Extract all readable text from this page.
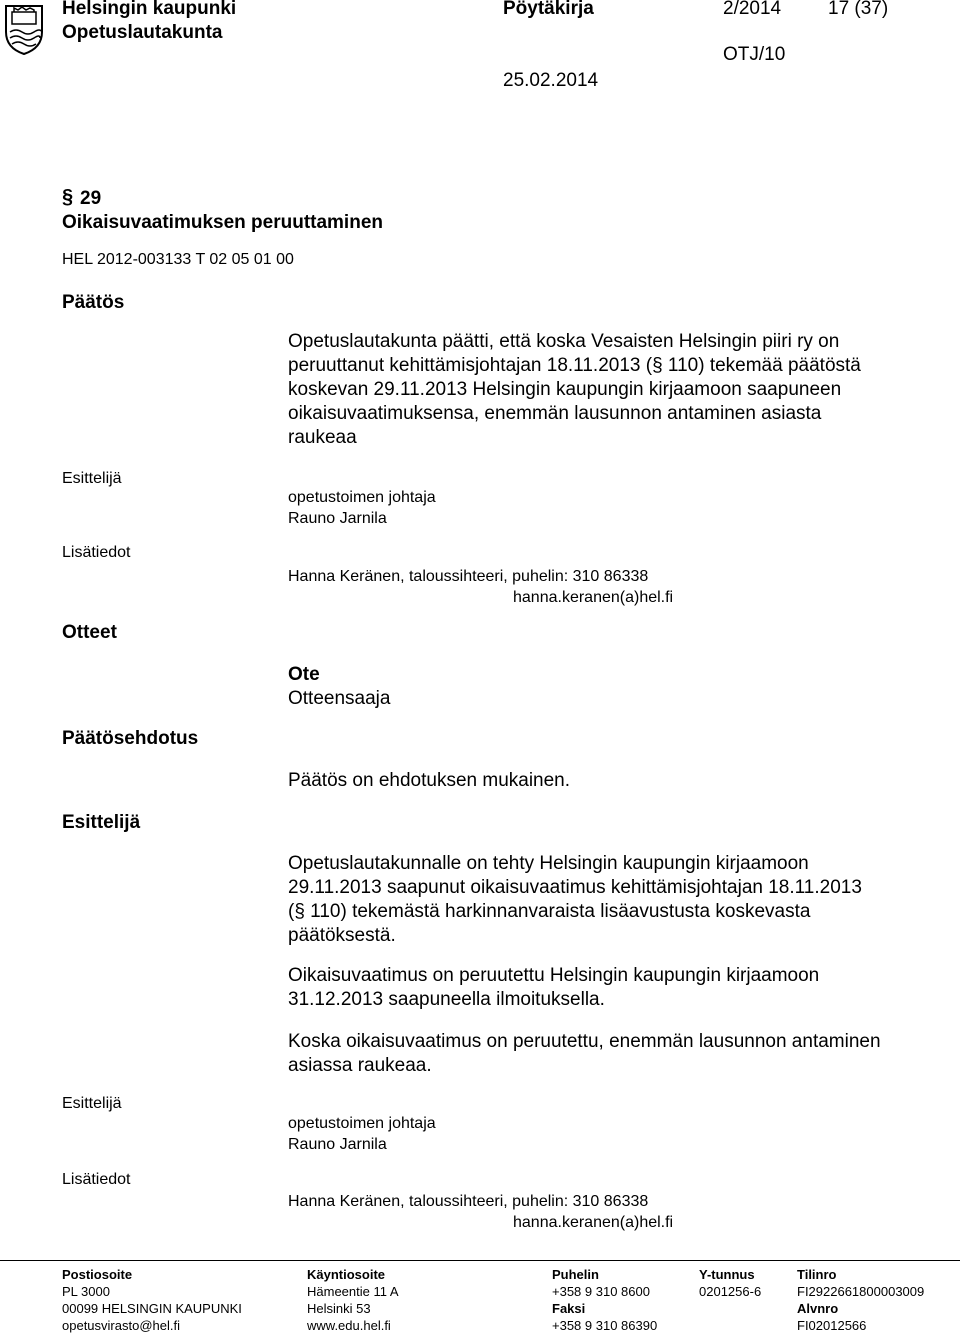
Helsingin kaupunki
Opetuslautakunta
Pöytäkirja	2/2014 17 (37)
OTJ/10
25.02.2014
§ 29
Oikaisuvaatimuksen peruuttaminen
HEL 2012-003133 T 02 05 01 00
Päätös
Opetuslautakunta päätti, että koska Vesaisten Helsingin piiri ry on
peruuttanut kehittämisjohtajan 18.11.2013 (§ 110) tekemää päätöstä
koskevan 29.11.2013 Helsingin kaupungin kirjaamoon saapuneen
oikaisuvaatimuksensa, enemmän lausunnon antaminen asiasta
raukeaa
Esittelijä
opetustoimen johtaja
Rauno Jarnila
Lisätiedot
Hanna Keränen, taloussihteeri, puhelin: 310 86338
hanna.keranen(a)hel.fi
Otteet
Ote
Otteensaaja
Päätösehdotus
Päätös on ehdotuksen mukainen.
Esittelijä
Opetuslautakunnalle on tehty Helsingin kaupungin kirjaamoon
29.11.2013 saapunut oikaisuvaatimus kehittämisjohtajan 18.11.2013
(§ 110) tekemästä harkinnanvaraista lisäavustusta koskevasta
päätöksestä.
Oikaisuvaatimus on peruutettu Helsingin kaupungin kirjaamoon
31.12.2013 saapuneella ilmoituksella.
Koska oikaisuvaatimus on peruutettu, enemmän lausunnon antaminen
asiassa raukeaa.
Esittelijä
opetustoimen johtaja
Rauno Jarnila
Lisätiedot
Hanna Keränen, taloussihteeri, puhelin: 310 86338
hanna.keranen(a)hel.fi
Postiosoite
PL 3000
00099 HELSINGIN KAUPUNKI
opetusvirasto@hel.fi
Käyntiosoite
Hämeentie 11 A
Helsinki 53
www.edu.hel.fi
Puhelin
+358 9 310 8600
Faksi
+358 9 310 86390
Y-tunnus
0201256-6
Tilinro
FI2922661800003009
Alvnro
FI02012566
